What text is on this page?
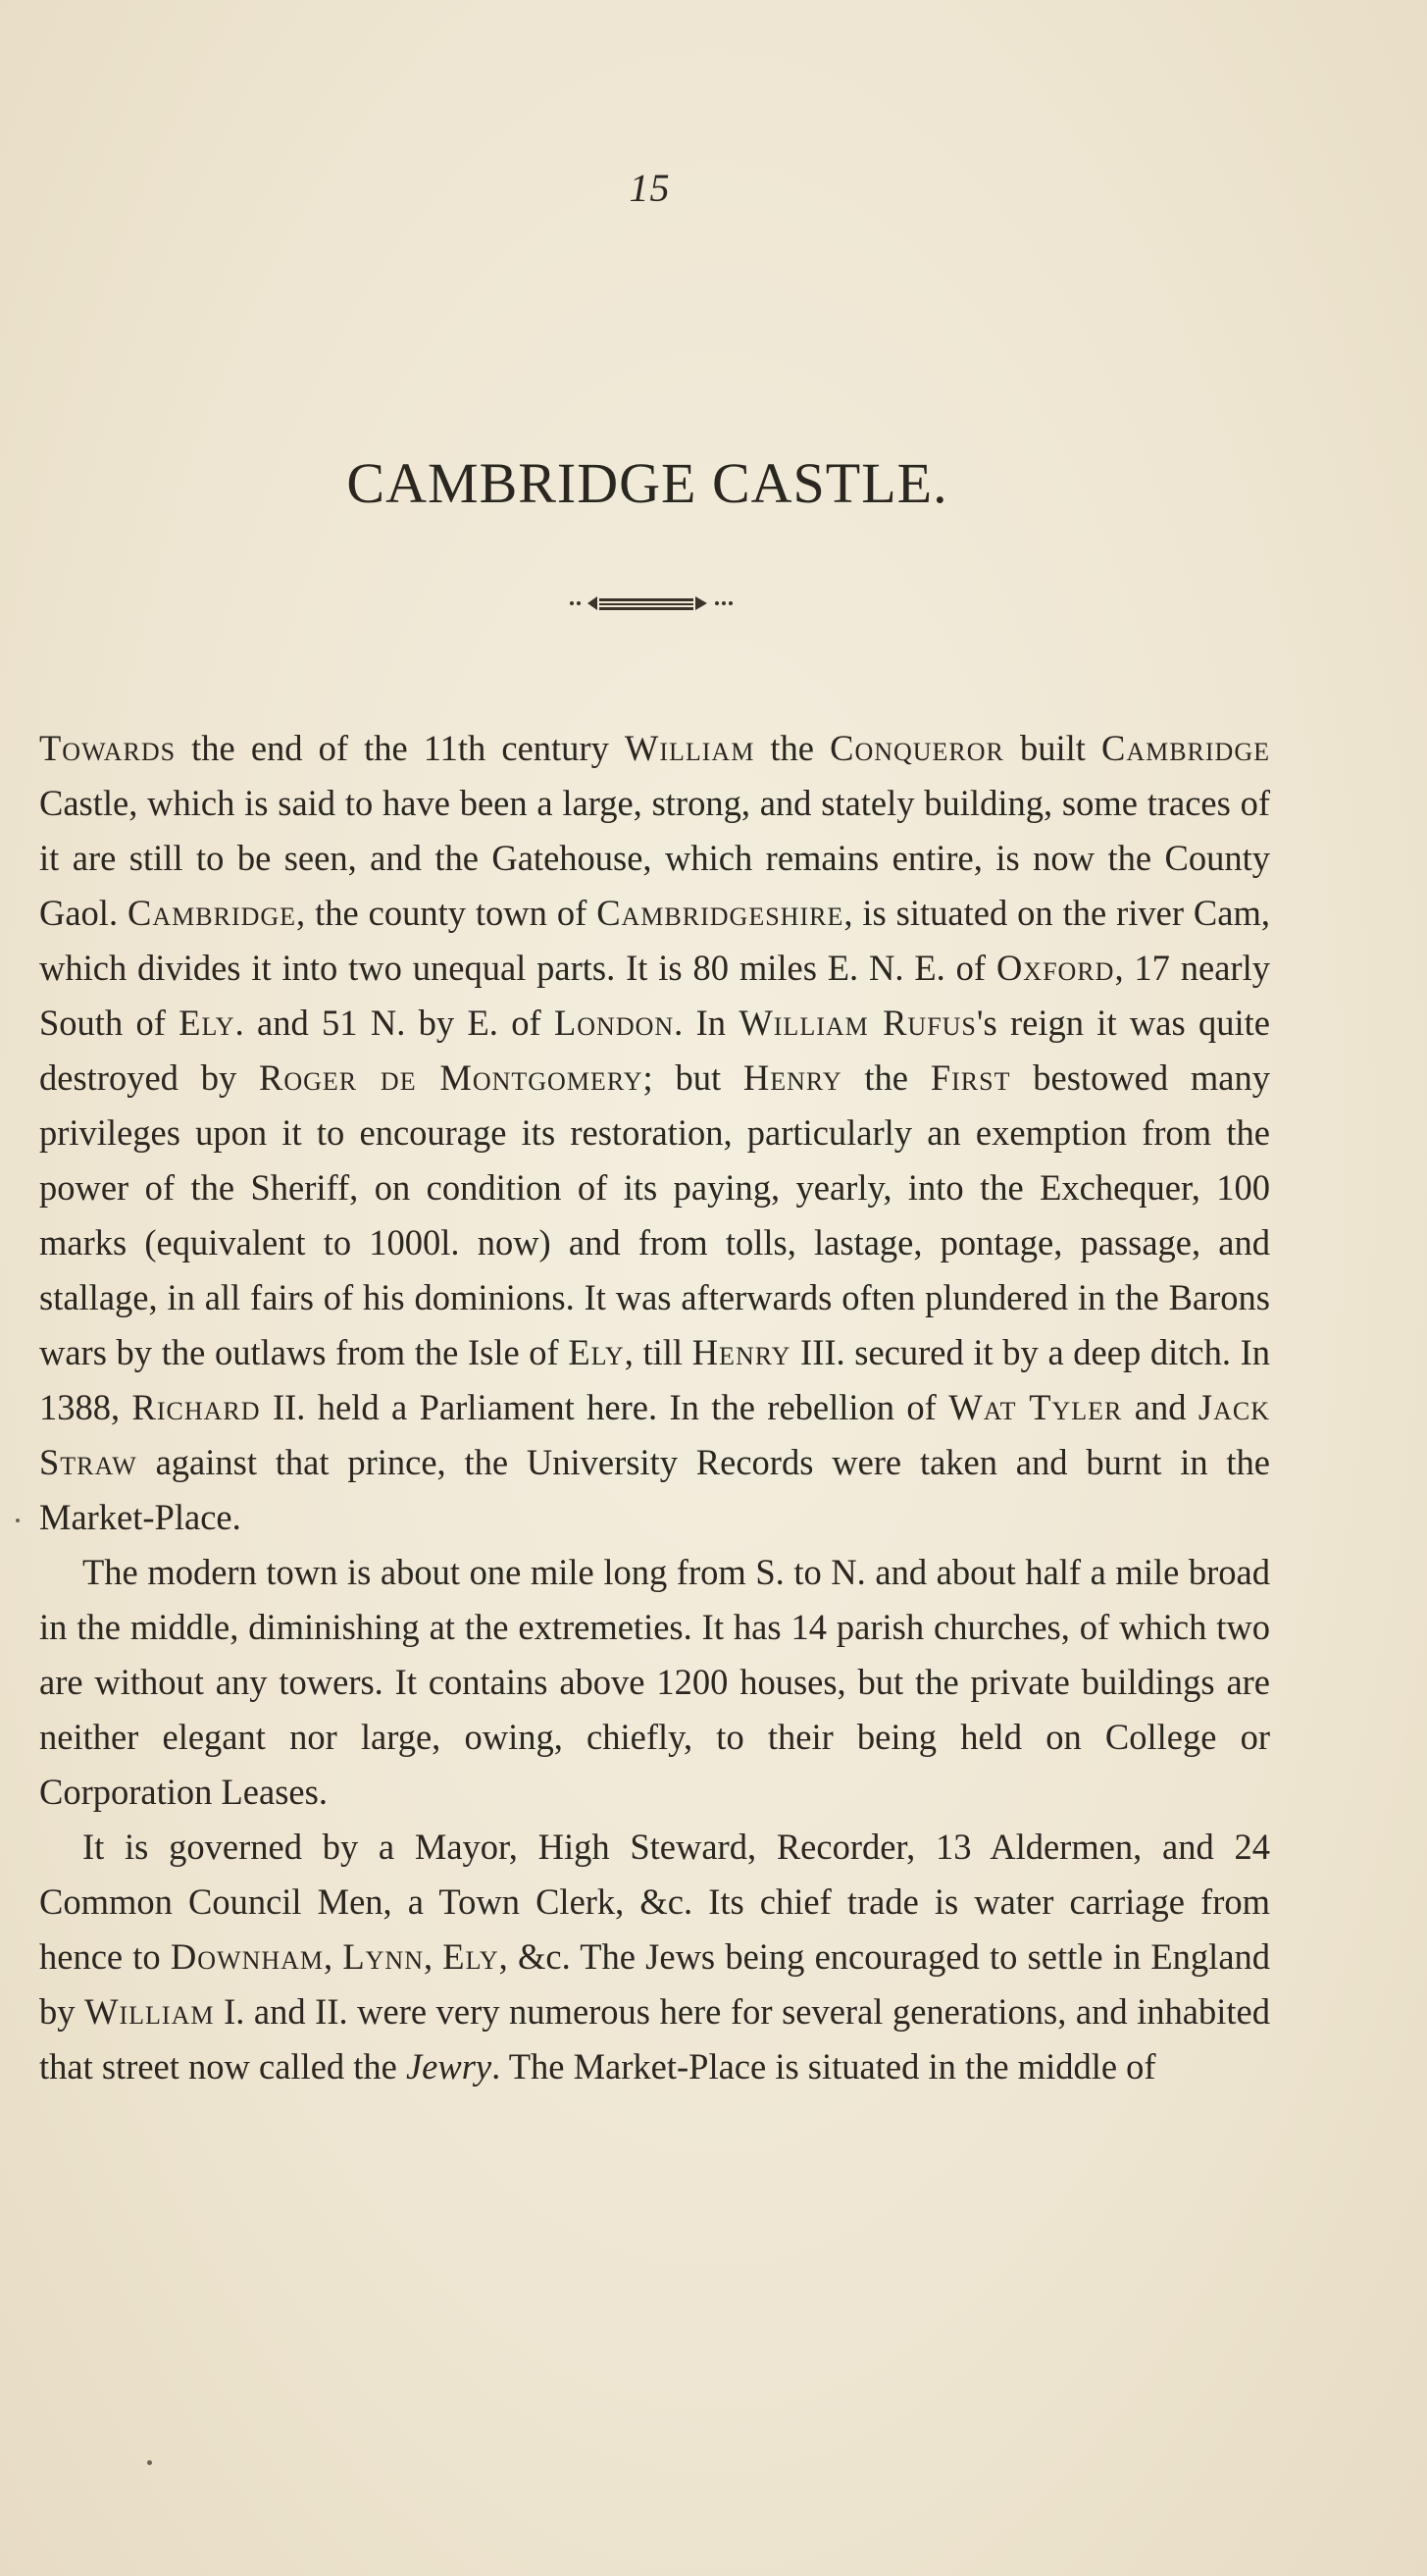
15
CAMBRIDGE CASTLE.

Towards the end of the 11th century William the Conqueror built Cambridge Castle, which is said to have been a large, strong, and stately building, some traces of it are still to be seen, and the Gatehouse, which remains entire, is now the County Gaol. Cambridge, the county town of Cambridgeshire, is situated on the river Cam, which divides it into two unequal parts. It is 80 miles E. N. E. of Oxford, 17 nearly South of Ely. and 51 N. by E. of London. In William Rufus's reign it was quite destroyed by Roger de Montgomery; but Henry the First bestowed many privileges upon it to encourage its restoration, particularly an exemption from the power of the Sheriff, on condition of its paying, yearly, into the Exchequer, 100 marks (equivalent to 1000l. now) and from tolls, lastage, pontage, passage, and stallage, in all fairs of his dominions. It was afterwards often plundered in the Barons wars by the outlaws from the Isle of Ely, till Henry III. secured it by a deep ditch. In 1388, Richard II. held a Parliament here. In the rebellion of Wat Tyler and Jack Straw against that prince, the University Records were taken and burnt in the Market-Place.

The modern town is about one mile long from S. to N. and about half a mile broad in the middle, diminishing at the extremeties. It has 14 parish churches, of which two are without any towers. It contains above 1200 houses, but the private buildings are neither elegant nor large, owing, chiefly, to their being held on College or Corporation Leases.

It is governed by a Mayor, High Steward, Recorder, 13 Aldermen, and 24 Common Council Men, a Town Clerk, &c. Its chief trade is water carriage from hence to Downham, Lynn, Ely, &c. The Jews being encouraged to settle in England by William I. and II. were very numerous here for several generations, and inhabited that street now called the Jewry. The Market-Place is situated in the middle of
